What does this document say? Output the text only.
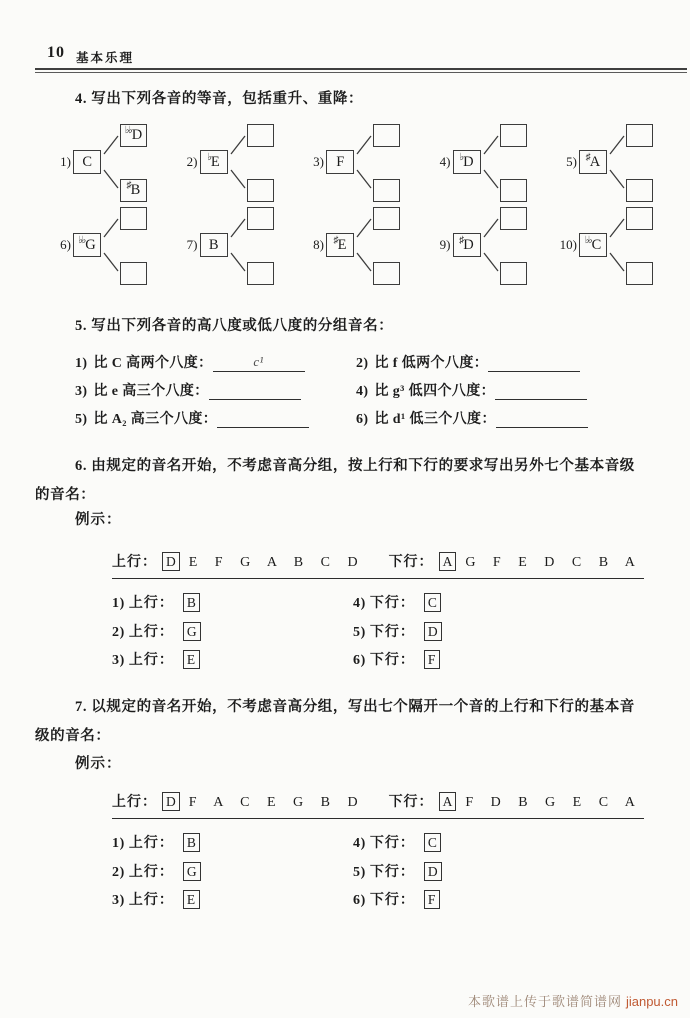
10 基本乐理
4. 写出下列各音的等音，包括重升、重降：
1) C
♭♭ D
♯ B
2) ♭ E	3) F	4) ♭ D	5) ♯ A
6) ♭♭ G	7) B	8) ♯ E	9) ♯ D	10) ♭♭ C
5. 写出下列各音的高八度或低八度的分组音名：
1) 比 C 高两个八度：	c¹	2) 比 f 低两个八度：
3) 比 e 高三个八度：	4) 比 g³ 低四个八度：
5) 比 A₂ 高三个八度：	6) 比 d¹ 低三个八度：
6. 由规定的音名开始，不考虑音高分组，按上行和下行的要求写出另外七个基本音级的音名：
例示：
上行： D E F G A B C D 下行： A G F E D C B A
1) 上行： B	4) 下行： C
2) 上行： G	5) 下行： D
3) 上行： E	6) 下行： F
7. 以规定的音名开始，不考虑音高分组，写出七个隔开一个音的上行和下行的基本音级的音名：
例示：
上行： D F A C E G B D 下行： A F D B G E C A
1) 上行： B	4) 下行： C
2) 上行： G	5) 下行： D
3) 上行： E	6) 下行： F
本歌谱上传于歌谱简谱网 jianpu.cn
